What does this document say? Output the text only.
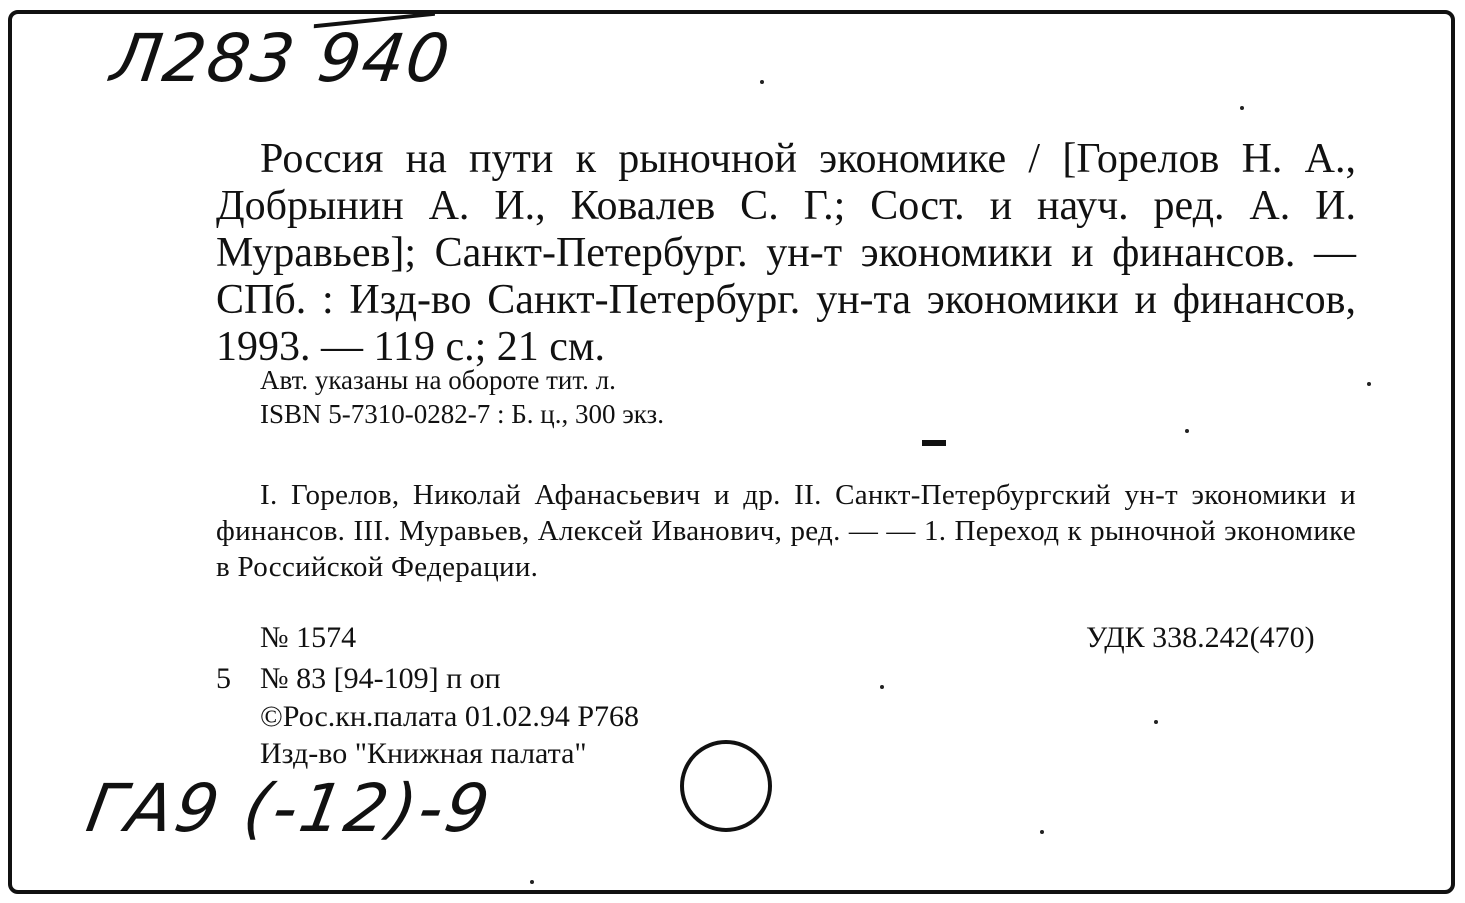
Л283 940
Россия на пути к рыночной экономике / [Горелов Н. А., Добрынин А. И., Ковалев С. Г.; Сост. и науч. ред. А. И. Муравьев]; Санкт-Петербург. ун-т экономики и финансов. — СПб. : Изд-во Санкт-Петербург. ун-та экономики и финансов, 1993. — 119 с.; 21 см.
Авт. указаны на обороте тит. л.
ISBN 5-7310-0282-7 : Б. ц., 300 экз.
I. Горелов, Николай Афанасьевич и др. II. Санкт-Петербургский ун-т экономики и финансов. III. Муравьев, Алексей Иванович, ред. — — 1. Переход к рыночной экономике в Российской Федерации.
№ 1574	УДК 338.242(470)
5 № 83 [94-109] п оп
©Рос.кн.палата 01.02.94 Р768
Изд-во "Книжная палата"
ГА9 (-12)-9
